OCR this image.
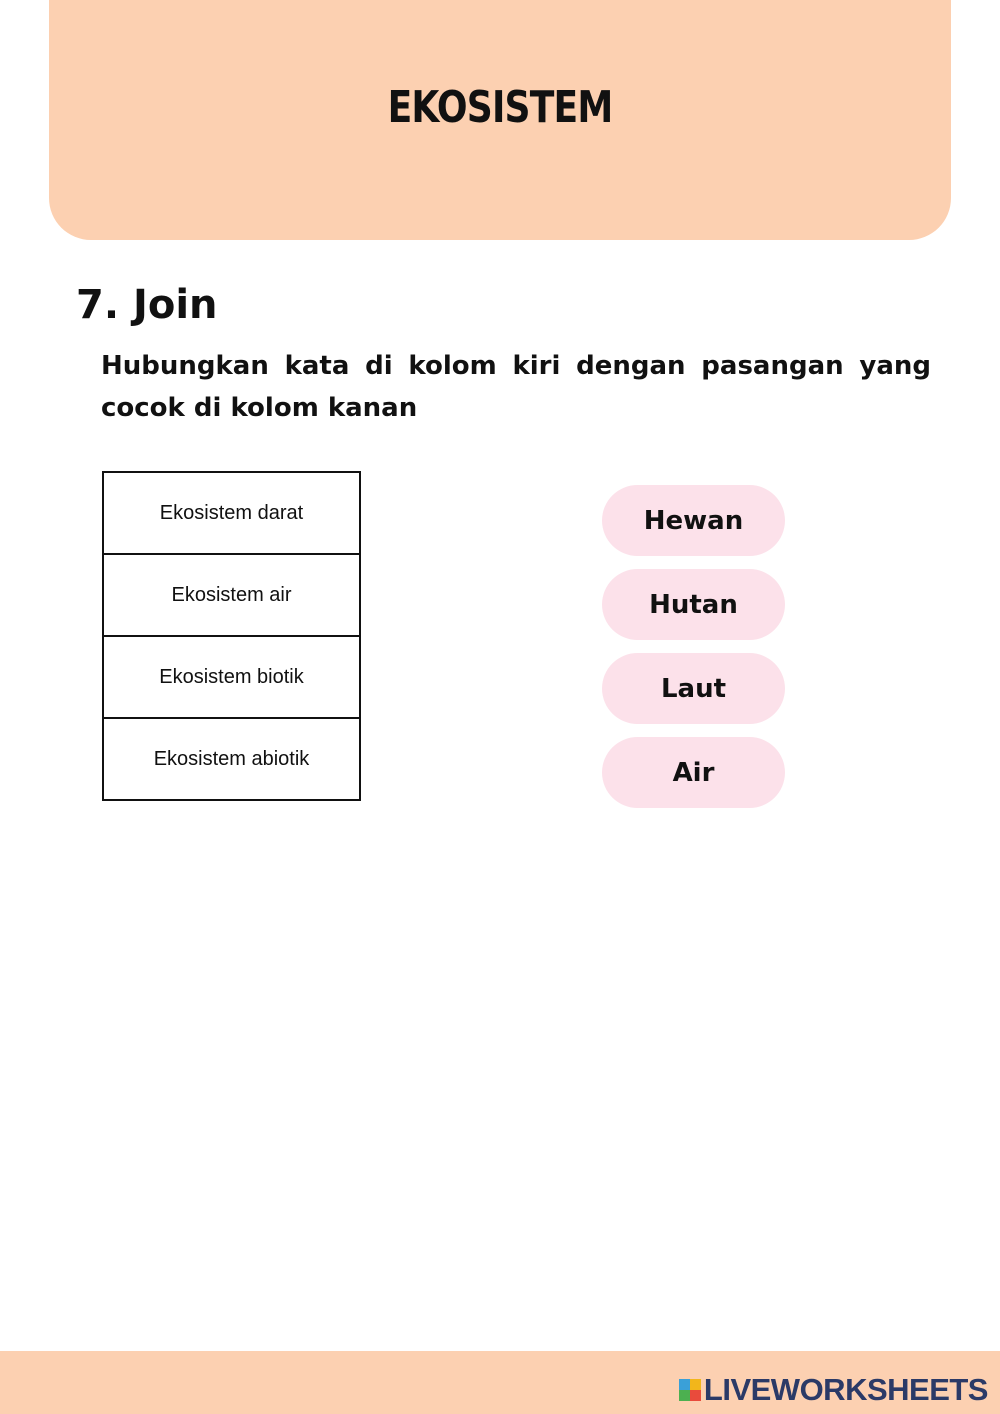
EKOSISTEM
7. Join
Hubungkan kata di kolom kiri dengan pasangan yang cocok di kolom kanan
Ekosistem darat
Ekosistem air
Ekosistem biotik
Ekosistem abiotik
Hewan
Hutan
Laut
Air
LIVEWORKSHEETS
